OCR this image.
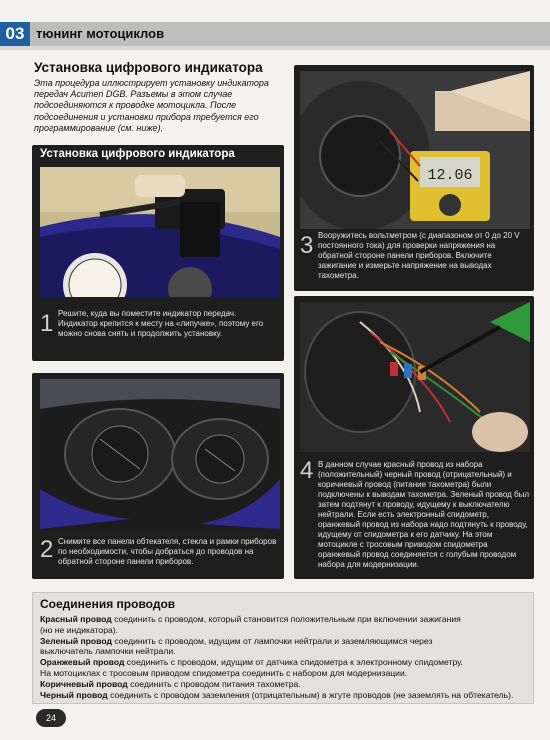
03 тюнинг мотоциклов
Установка цифрового индикатора
Эта процедура иллюстрирует установку индикатора передач Acumen DGB. Разъемы в этом случае подсоединяются к проводке мотоцикла. После подсоединения и установки прибора требуется его программирование (см. ниже).
Установка цифрового индикатора
1 Решите, куда вы поместите индикатор передач. Индикатор крепится к месту на «липучке», поэтому его можно снова снять и продолжить установку.
12.06
3 Вооружитесь вольтметром (с диапазоном от 0 до 20 V постоянного тока) для проверки напряжения на обратной стороне панели приборов. Включите зажигание и измерьте напряжение на выводах тахометра.
2 Снимите все панели обтекателя, стекла и рамки приборов по необходимости, чтобы добраться до проводов на обратной стороне панели приборов.
4 В данном случае красный провод из набора (положительный) черный провод (отрицательный) и коричневый провод (питание тахометра) были подключены к выводам тахометра. Зеленый провод был затем подтянут к проводу, идущему к выключателю нейтрали. Если есть электронный спидометр, оранжевый провод из набора надо подтянуть к проводу, идущему от спидометра к его датчику. На этом мотоцикле с тросовым приводом спидометра оранжевый провод соединяется с голубым проводом набора для модернизации.
Соединения проводов
Красный провод соединить с проводом, который становится положительным при включении зажигания
(но не индикатора).
Зеленый провод соединить с проводом, идущим от лампочки нейтрали и заземляющимся через
выключатель лампочки нейтрали.
Оранжевый провод соединить с проводом, идущим от датчика спидометра к электронному спидометру.
На мотоциклах с тросовым приводом спидометра соединить с набором для модернизации.
Коричневый провод соединить с проводом питания тахометра.
Черный провод соединить с проводом заземления (отрицательным) в жгуте проводов (не заземлять на обтекатель).
24
